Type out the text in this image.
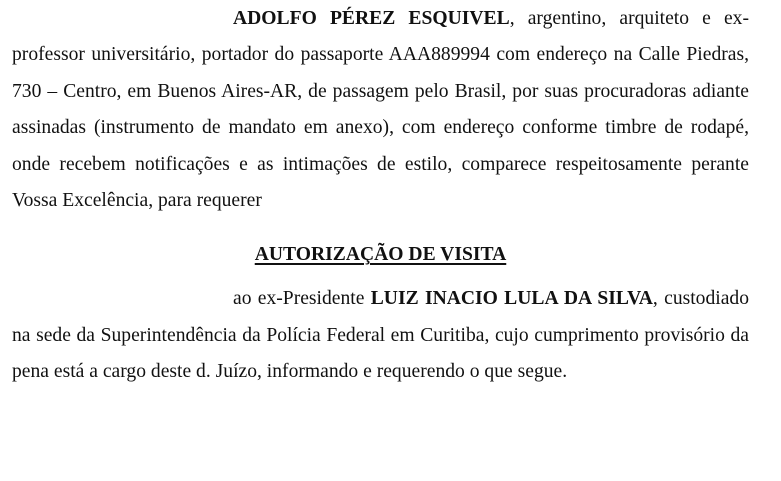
ADOLFO PÉREZ ESQUIVEL, argentino, arquiteto e ex-professor universitário, portador do passaporte AAA889994 com endereço na Calle Piedras, 730 – Centro, em Buenos Aires-AR, de passagem pelo Brasil, por suas procuradoras adiante assinadas (instrumento de mandato em anexo), com endereço conforme timbre de rodapé, onde recebem notificações e as intimações de estilo, comparece respeitosamente perante Vossa Excelência, para requerer

AUTORIZAÇÃO DE VISITA

ao ex-Presidente LUIZ INACIO LULA DA SILVA, custodiado na sede da Superintendência da Polícia Federal em Curitiba, cujo cumprimento provisório da pena está a cargo deste d. Juízo, informando e requerendo o que segue.
